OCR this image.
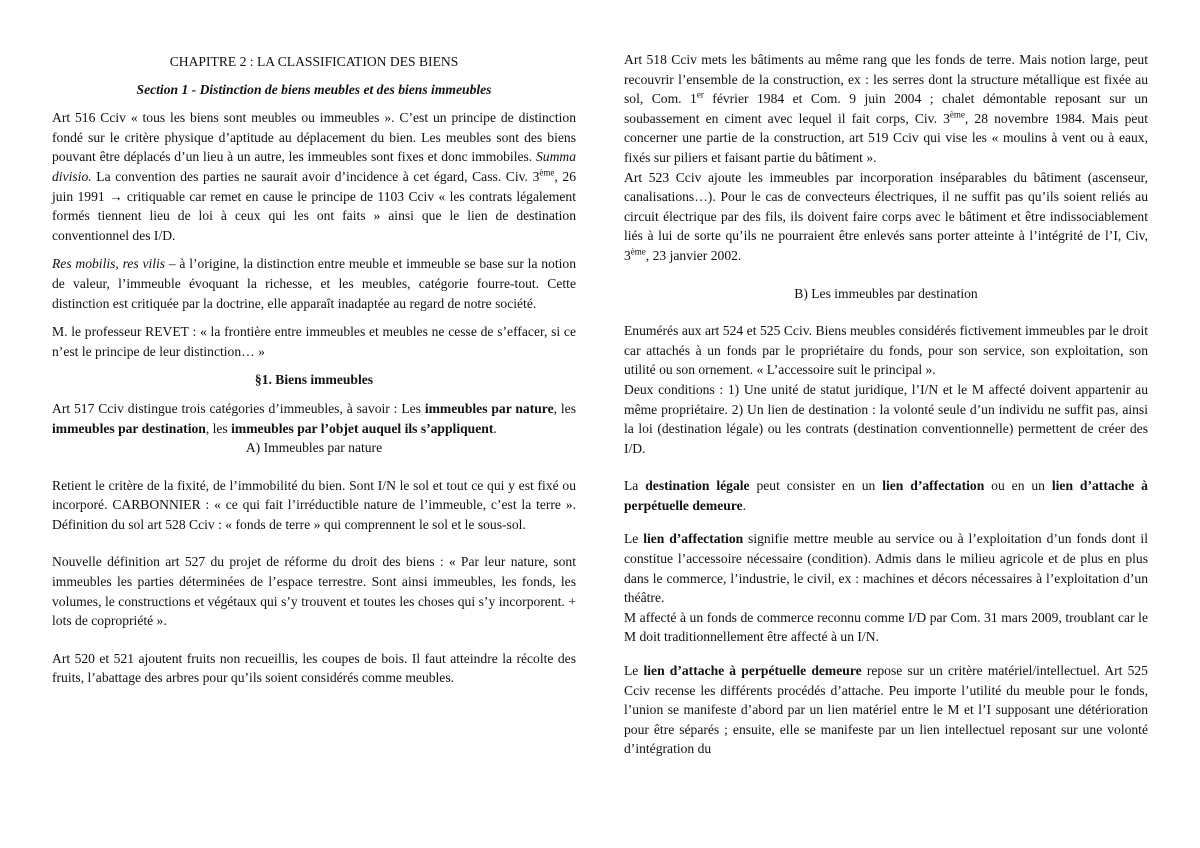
CHAPITRE 2 : LA CLASSIFICATION DES BIENS

Section 1 - Distinction de biens meubles et des biens immeubles

Art 516 Cciv « tous les biens sont meubles ou immeubles ». C’est un principe de distinction fondé sur le critère physique d’aptitude au déplacement du bien. Les meubles sont des biens pouvant être déplacés d’un lieu à un autre, les immeubles sont fixes et donc immobiles. Summa divisio. La convention des parties ne saurait avoir d’incidence à cet égard, Cass. Civ. 3ème, 26 juin 1991 → critiquable car remet en cause le principe de 1103 Cciv « les contrats légalement formés tiennent lieu de loi à ceux qui les ont faits » ainsi que le lien de destination conventionnel des I/D.

Res mobilis, res vilis – à l’origine, la distinction entre meuble et immeuble se base sur la notion de valeur, l’immeuble évoquant la richesse, et les meubles, catégorie fourre-tout. Cette distinction est critiquée par la doctrine, elle apparaît inadaptée au regard de notre société.

M. le professeur REVET : « la frontière entre immeubles et meubles ne cesse de s’effacer, si ce n’est le principe de leur distinction… »

§1. Biens immeubles

Art 517 Cciv distingue trois catégories d’immeubles, à savoir : Les immeubles par nature, les immeubles par destination, les immeubles par l’objet auquel ils s’appliquent.

A) Immeubles par nature

Retient le critère de la fixité, de l’immobilité du bien. Sont I/N le sol et tout ce qui y est fixé ou incorporé. CARBONNIER : « ce qui fait l’irréductible nature de l’immeuble, c’est la terre ». Définition du sol art 528 Cciv : « fonds de terre » qui comprennent le sol et le sous-sol.

Nouvelle définition art 527 du projet de réforme du droit des biens : « Par leur nature, sont immeubles les parties déterminées de l’espace terrestre. Sont ainsi immeubles, les fonds, les volumes, le constructions et végétaux qui s’y trouvent et toutes les choses qui s’y incorporent. + lots de copropriété ».

Art 520 et 521 ajoutent fruits non recueillis, les coupes de bois. Il faut atteindre la récolte des fruits, l’abattage des arbres pour qu’ils soient considérés comme meubles.

Art 518 Cciv mets les bâtiments au même rang que les fonds de terre. Mais notion large, peut recouvrir l’ensemble de la construction, ex : les serres dont la structure métallique est fixée au sol, Com. 1er février 1984 et Com. 9 juin 2004 ; chalet démontable reposant sur un soubassement en ciment avec lequel il fait corps, Civ. 3ème, 28 novembre 1984. Mais peut concerner une partie de la construction, art 519 Cciv qui vise les « moulins à vent ou à eaux, fixés sur piliers et faisant partie du bâtiment ».

Art 523 Cciv ajoute les immeubles par incorporation inséparables du bâtiment (ascenseur, canalisations…). Pour le cas de convecteurs électriques, il ne suffit pas qu’ils soient reliés au circuit électrique par des fils, ils doivent faire corps avec le bâtiment et être indissociablement liés à lui de sorte qu’ils ne pourraient être enlevés sans porter atteinte à l’intégrité de l’I, Civ, 3ème, 23 janvier 2002.

B) Les immeubles par destination

Enumérés aux art 524 et 525 Cciv. Biens meubles considérés fictivement immeubles par le droit car attachés à un fonds par le propriétaire du fonds, pour son service, son exploitation, son utilité ou son ornement. « L’accessoire suit le principal ».

Deux conditions : 1) Une unité de statut juridique, l’I/N et le M affecté doivent appartenir au même propriétaire. 2) Un lien de destination : la volonté seule d’un individu ne suffit pas, ainsi la loi (destination légale) ou les contrats (destination conventionnelle) permettent de créer des I/D.

La destination légale peut consister en un lien d’affectation ou en un lien d’attache à perpétuelle demeure.

Le lien d’affectation signifie mettre meuble au service ou à l’exploitation d’un fonds dont il constitue l’accessoire nécessaire (condition). Admis dans le milieu agricole et de plus en plus dans le commerce, l’industrie, le civil, ex : machines et décors nécessaires à l’exploitation d’un théâtre.

M affecté à un fonds de commerce reconnu comme I/D par Com. 31 mars 2009, troublant car le M doit traditionnellement être affecté à un I/N.

Le lien d’attache à perpétuelle demeure repose sur un critère matériel/intellectuel. Art 525 Cciv recense les différents procédés d’attache. Peu importe l’utilité du meuble pour le fonds, l’union se manifeste d’abord par un lien matériel entre le M et l’I supposant une détérioration pour être séparés ; ensuite, elle se manifeste par un lien intellectuel reposant sur une volonté d’intégration du
